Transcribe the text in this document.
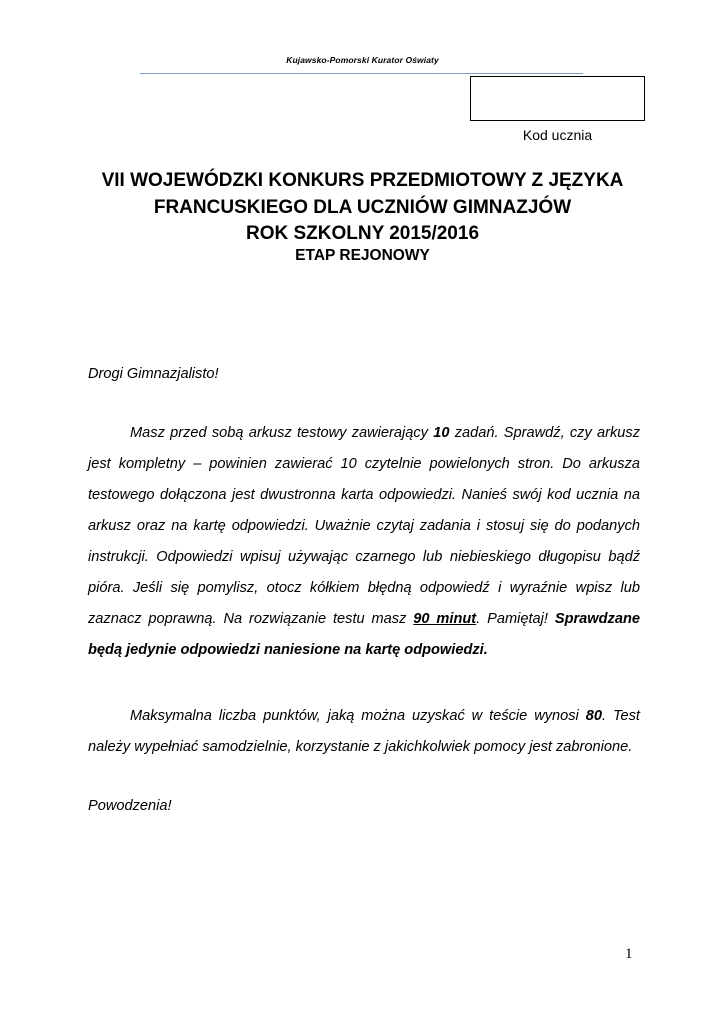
Kujawsko-Pomorski Kurator Oświaty
Kod ucznia
VII WOJEWÓDZKI KONKURS PRZEDMIOTOWY Z JĘZYKA
FRANCUSKIEGO DLA UCZNIÓW GIMNAZJÓW
ROK SZKOLNY 2015/2016
ETAP REJONOWY
Drogi Gimnazjalisto!

Masz przed sobą arkusz testowy zawierający 10 zadań. Sprawdź, czy arkusz jest kompletny – powinien zawierać 10 czytelnie powielonych stron. Do arkusza testowego dołączona jest dwustronna karta odpowiedzi. Nanieś swój kod ucznia na arkusz oraz na kartę odpowiedzi. Uważnie czytaj zadania i stosuj się do podanych instrukcji. Odpowiedzi wpisuj używając czarnego lub niebieskiego długopisu bądź pióra. Jeśli się pomylisz, otocz kółkiem błędną odpowiedź i wyraźnie wpisz lub zaznacz poprawną. Na rozwiązanie testu masz 90 minut. Pamiętaj! Sprawdzane będą jedynie odpowiedzi naniesione na kartę odpowiedzi.

Maksymalna liczba punktów, jaką można uzyskać w teście wynosi 80. Test należy wypełniać samodzielnie, korzystanie z jakichkolwiek pomocy jest zabronione.

Powodzenia!
1
